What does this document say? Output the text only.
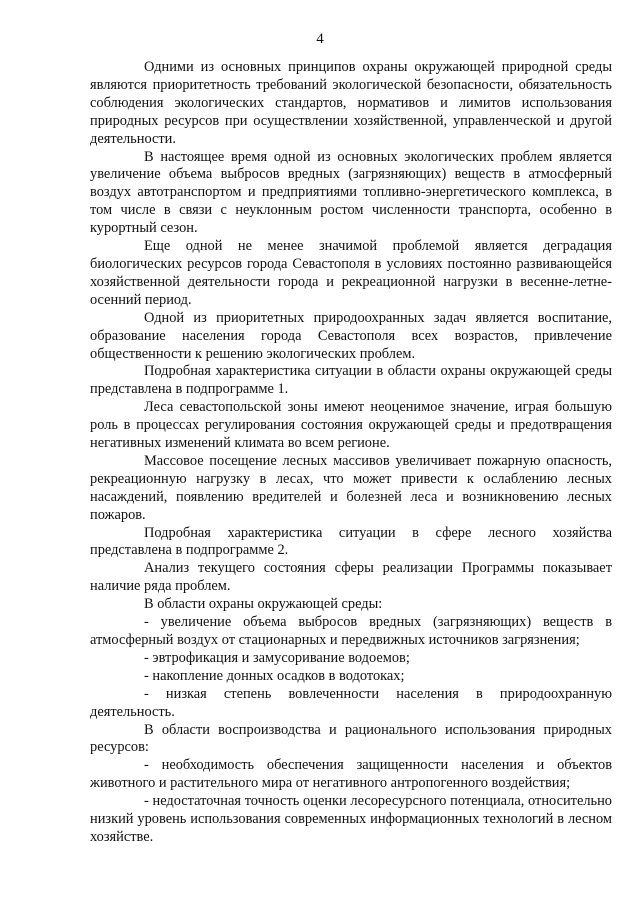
4

Одними из основных принципов охраны окружающей природной среды являются приоритетность требований экологической безопасности, обязательность соблюдения экологических стандартов, нормативов и лимитов использования природных ресурсов при осуществлении хозяйственной, управленческой и другой деятельности.

В настоящее время одной из основных экологических проблем является увеличение объема выбросов вредных (загрязняющих) веществ в атмосферный воздух автотранспортом и предприятиями топливно-энергетического комплекса, в том числе в связи с неуклонным ростом численности транспорта, особенно в курортный сезон.

Еще одной не менее значимой проблемой является деградация биологических ресурсов города Севастополя в условиях постоянно развивающейся хозяйственной деятельности города и рекреационной нагрузки в весенне-летне-осенний период.

Одной из приоритетных природоохранных задач является воспитание, образование населения города Севастополя всех возрастов, привлечение общественности к решению экологических проблем.

Подробная характеристика ситуации в области охраны окружающей среды представлена в подпрограмме 1.

Леса севастопольской зоны имеют неоценимое значение, играя большую роль в процессах регулирования состояния окружающей среды и предотвращения негативных изменений климата во всем регионе.

Массовое посещение лесных массивов увеличивает пожарную опасность, рекреационную нагрузку в лесах, что может привести к ослаблению лесных насаждений, появлению вредителей и болезней леса и возникновению лесных пожаров.

Подробная характеристика ситуации в сфере лесного хозяйства представлена в подпрограмме 2.

Анализ текущего состояния сферы реализации Программы показывает наличие ряда проблем.

В области охраны окружающей среды:

- увеличение объема выбросов вредных (загрязняющих) веществ в атмосферный воздух от стационарных и передвижных источников загрязнения;

- эвтрофикация и замусоривание водоемов;

- накопление донных осадков в водотоках;

- низкая степень вовлеченности населения в природоохранную деятельность.

В области воспроизводства и рационального использования природных ресурсов:

- необходимость обеспечения защищенности населения и объектов животного и растительного мира от негативного антропогенного воздействия;

- недостаточная точность оценки лесоресурсного потенциала, относительно низкий уровень использования современных информационных технологий в лесном хозяйстве.
